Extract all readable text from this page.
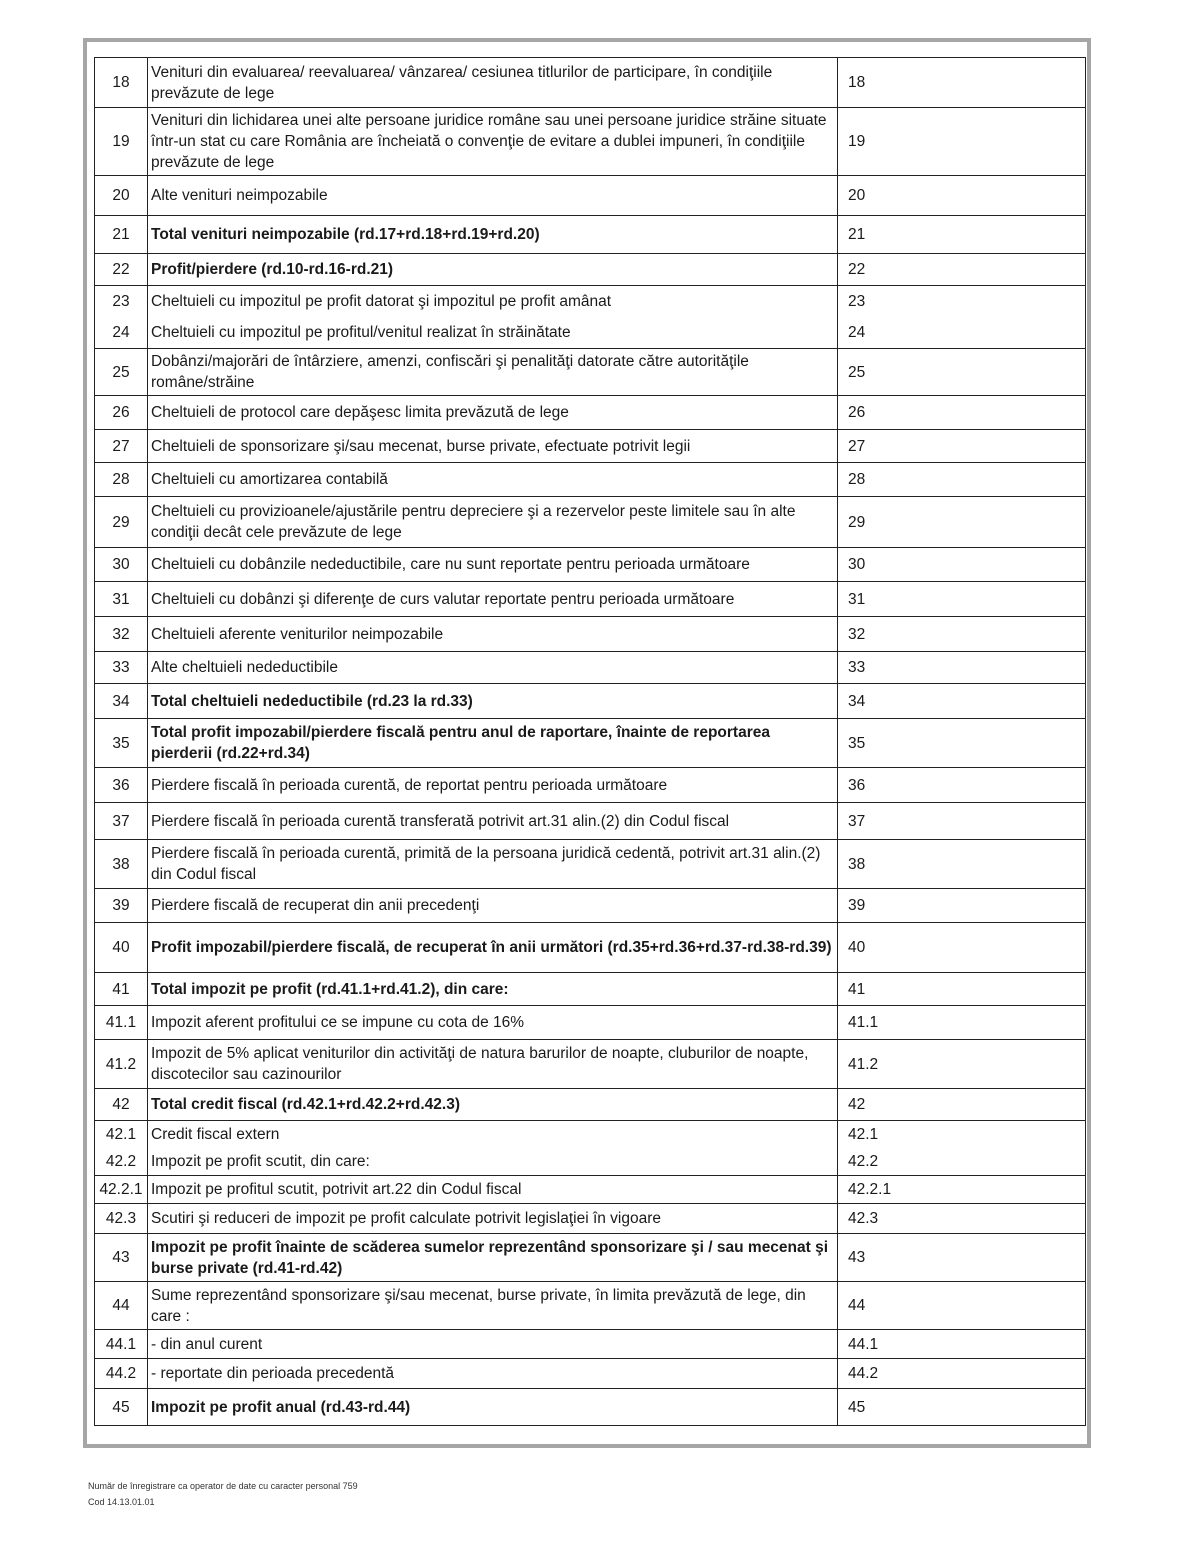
18	Venituri din evaluarea/ reevaluarea/ vânzarea/ cesiunea titlurilor de participare, în condiţiile prevăzute de lege	18
19	Venituri din lichidarea unei alte persoane juridice române sau unei persoane juridice străine situate într-un stat cu care România are încheiată o convenţie de evitare a dublei impuneri, în condiţiile prevăzute de lege	19
20	Alte venituri neimpozabile	20
21	Total venituri neimpozabile (rd.17+rd.18+rd.19+rd.20)	21
22	Profit/pierdere (rd.10-rd.16-rd.21)	22
23	Cheltuieli cu impozitul pe profit datorat şi impozitul pe profit amânat	23
24	Cheltuieli cu impozitul pe profitul/venitul realizat în străinătate	24
25	Dobânzi/majorări de întârziere, amenzi, confiscări şi penalităţi datorate către autorităţile române/străine	25
26	Cheltuieli de protocol care depăşesc limita prevăzută de lege	26
27	Cheltuieli de sponsorizare şi/sau mecenat, burse private, efectuate potrivit legii	27
28	Cheltuieli cu amortizarea contabilă	28
29	Cheltuieli cu provizioanele/ajustările pentru depreciere şi a rezervelor peste limitele sau în alte condiţii decât cele prevăzute de lege	29
30	Cheltuieli cu dobânzile nedeductibile, care nu sunt reportate pentru perioada următoare	30
31	Cheltuieli cu dobânzi şi diferenţe de curs valutar reportate pentru perioada următoare	31
32	Cheltuieli aferente veniturilor neimpozabile	32
33	Alte cheltuieli nedeductibile	33
34	Total cheltuieli nedeductibile (rd.23 la rd.33)	34
35	Total profit impozabil/pierdere fiscală pentru anul de raportare, înainte de reportarea pierderii (rd.22+rd.34)	35
36	Pierdere fiscală în perioada curentă, de reportat pentru perioada următoare	36
37	Pierdere fiscală în perioada curentă transferată potrivit art.31 alin.(2) din Codul fiscal	37
38	Pierdere fiscală în perioada curentă, primită de la persoana juridică cedentă, potrivit art.31 alin.(2) din Codul fiscal	38
39	Pierdere fiscală de recuperat din anii precedenţi	39
40	Profit impozabil/pierdere fiscală, de recuperat în anii următori (rd.35+rd.36+rd.37-rd.38-rd.39)	40
41	Total impozit pe profit (rd.41.1+rd.41.2), din care:	41
41.1	Impozit aferent profitului ce se impune cu cota de 16%	41.1
41.2	Impozit de 5% aplicat veniturilor din activităţi de natura barurilor de noapte, cluburilor de noapte, discotecilor sau cazinourilor	41.2
42	Total credit fiscal (rd.42.1+rd.42.2+rd.42.3)	42
42.1	Credit fiscal extern	42.1
42.2	Impozit pe profit scutit, din care:	42.2
42.2.1	Impozit pe profitul scutit, potrivit art.22 din Codul fiscal	42.2.1
42.3	Scutiri şi reduceri de impozit pe profit calculate potrivit legislaţiei în vigoare	42.3
43	Impozit pe profit înainte de scăderea sumelor reprezentând sponsorizare şi / sau mecenat şi burse private (rd.41-rd.42)	43
44	Sume reprezentând sponsorizare şi/sau mecenat, burse private, în limita prevăzută de lege, din care :	44
44.1	- din anul curent	44.1
44.2	- reportate din perioada precedentă	44.2
45	Impozit pe profit anual (rd.43-rd.44)	45
Număr de înregistrare ca operator de date cu caracter personal 759
Cod 14.13.01.01
